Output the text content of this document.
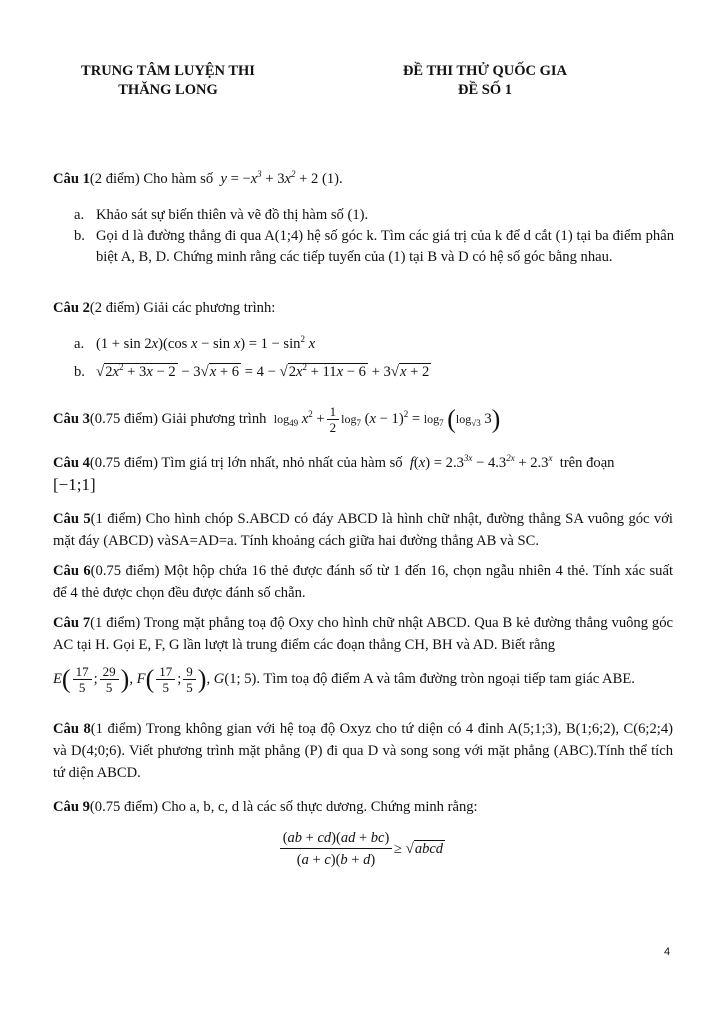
TRUNG TÂM LUYỆN THI
THĂNG LONG
ĐỀ THI THỬ QUỐC GIA
ĐỀ SỐ 1
Câu 1(2 điểm) Cho hàm số  $y = -x^3 + 3x^2 + 2$ (1).
a. Khảo sát sự biến thiên và vẽ đồ thị hàm số (1).
b. Gọi d là đường thẳng đi qua A(1;4) hệ số góc k. Tìm các giá trị của k để d cắt (1) tại ba điểm phân biệt A, B, D. Chứng minh rằng các tiếp tuyến của (1) tại B và D có hệ số góc bằng nhau.
Câu 2(2 điểm) Giải các phương trình:
a. (1 + sin 2x)(cos $x - \sin x) = 1 - \sin^2 x$
b. $√2x^2 + 3x - 2 - 3√x + 6 = 4 - √2x^2 + 11x - 6 + 3√x + 2$
Câu 3(0.75 điểm) Giải phương trình $\log_{49} x^2 + \frac{1}{2} \log_7 (x - 1)^2 = \log_7 (\log_{√3}$ 3)
Câu 4(0.75 điểm) Tìm giá trị lớn nhất, nhỏ nhất của hàm số  $f(x) = 2.3^{3x} - 4.3^{2x} + 2.3^x$ trên đoạn
[−1;1]
Câu 5(1 điểm) Cho hình chóp S.ABCD có đáy ABCD là hình chữ nhật, đường thẳng SA vuông góc với mặt đáy (ABCD) vàSA=AD=a. Tính khoảng cách giữa hai đường thẳng AB và SC.
Câu 6(0.75 điểm) Một hộp chứa 16 thẻ được đánh số từ 1 đến 16, chọn ngẫu nhiên 4 thẻ. Tính xác suất để 4 thẻ được chọn đều được đánh số chẵn.
Câu 7(1 điểm) Trong mặt phẳng toạ độ Oxy cho hình chữ nhật ABCD. Qua B kẻ đường thẳng vuông góc AC tại H. Gọi E, F, G lần lượt là trung điểm các đoạn thẳng CH, BH và AD. Biết rằng
$E( \frac{17}{5}$ ; $\frac{29}{5}$ ), $F( \frac{17}{5}$ ; $\frac{9}{5}$ ), G(1; 5). Tìm toạ độ điểm A và tâm đường tròn ngoại tiếp tam giác ABE.
Câu 8(1 điểm) Trong không gian với hệ toạ độ Oxyz cho tứ diện có 4 đỉnh A(5;1;3), B(1;6;2), C(6;2;4) và D(4;0;6). Viết phương trình mặt phẳng (P) đi qua D và song song với mặt phẳng (ABC).Tính thể tích tứ diện ABCD.
Câu 9(0.75 điểm) Cho a, b, c, d là các số thực dương. Chứng minh rằng:
(ab + cd)(ad + bc)
(a + c)(b + d)
≥ √abcd
4
